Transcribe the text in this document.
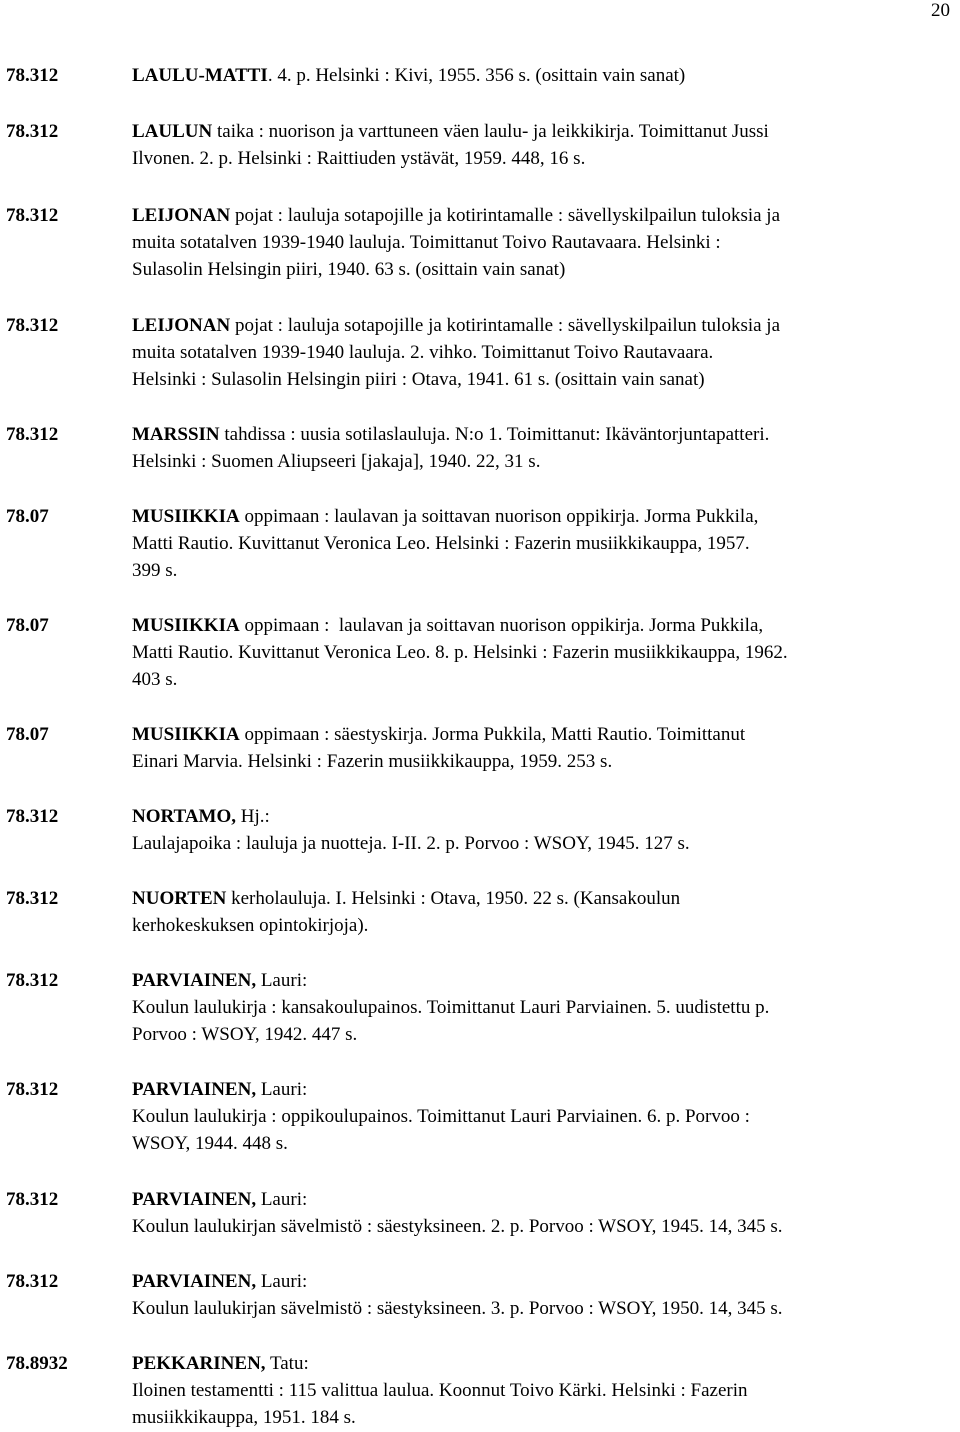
20
78.312	LAULU-MATTI. 4. p. Helsinki : Kivi, 1955. 356 s. (osittain vain sanat)
78.312	LAULUN taika : nuorison ja varttuneen väen laulu- ja leikkikirja. Toimittanut Jussi
Ilvonen. 2. p. Helsinki : Raittiuden ystävät, 1959. 448, 16 s.
78.312	LEIJONAN pojat : lauluja sotapojille ja kotirintamalle : sävellyskilpailun tuloksia ja
muita sotatalven 1939-1940 lauluja. Toimittanut Toivo Rautavaara. Helsinki :
Sulasolin Helsingin piiri, 1940. 63 s. (osittain vain sanat)
78.312	LEIJONAN pojat : lauluja sotapojille ja kotirintamalle : sävellyskilpailun tuloksia ja
muita sotatalven 1939-1940 lauluja. 2. vihko. Toimittanut Toivo Rautavaara.
Helsinki : Sulasolin Helsingin piiri : Otava, 1941. 61 s. (osittain vain sanat)
78.312	MARSSIN tahdissa : uusia sotilaslauluja. N:o 1. Toimittanut: Ikäväntorjuntapatteri.
Helsinki : Suomen Aliupseeri [jakaja], 1940. 22, 31 s.
78.07	MUSIIKKIA oppimaan : laulavan ja soittavan nuorison oppikirja. Jorma Pukkila,
Matti Rautio. Kuvittanut Veronica Leo. Helsinki : Fazerin musiikkikauppa, 1957.
399 s.
78.07	MUSIIKKIA oppimaan :  laulavan ja soittavan nuorison oppikirja. Jorma Pukkila,
Matti Rautio. Kuvittanut Veronica Leo. 8. p. Helsinki : Fazerin musiikkikauppa, 1962.
403 s.
78.07	MUSIIKKIA oppimaan : säestyskirja. Jorma Pukkila, Matti Rautio. Toimittanut
Einari Marvia. Helsinki : Fazerin musiikkikauppa, 1959. 253 s.
78.312	NORTAMO, Hj.:
Laulajapoika : lauluja ja nuotteja. I-II. 2. p. Porvoo : WSOY, 1945. 127 s.
78.312	NUORTEN kerholauluja. I. Helsinki : Otava, 1950. 22 s. (Kansakoulun
kerhokeskuksen opintokirjoja).
78.312	PARVIAINEN, Lauri:
Koulun laulukirja : kansakoulupainos. Toimittanut Lauri Parviainen. 5. uudistettu p.
Porvoo : WSOY, 1942. 447 s.
78.312	PARVIAINEN, Lauri:
Koulun laulukirja : oppikoulupainos. Toimittanut Lauri Parviainen. 6. p. Porvoo :
WSOY, 1944. 448 s.
78.312	PARVIAINEN, Lauri:
Koulun laulukirjan sävelmistö : säestyksineen. 2. p. Porvoo : WSOY, 1945. 14, 345 s.
78.312	PARVIAINEN, Lauri:
Koulun laulukirjan sävelmistö : säestyksineen. 3. p. Porvoo : WSOY, 1950. 14, 345 s.
78.8932	PEKKARINEN, Tatu:
Iloinen testamentti : 115 valittua laulua. Koonnut Toivo Kärki. Helsinki : Fazerin
musiikkikauppa, 1951. 184 s.
